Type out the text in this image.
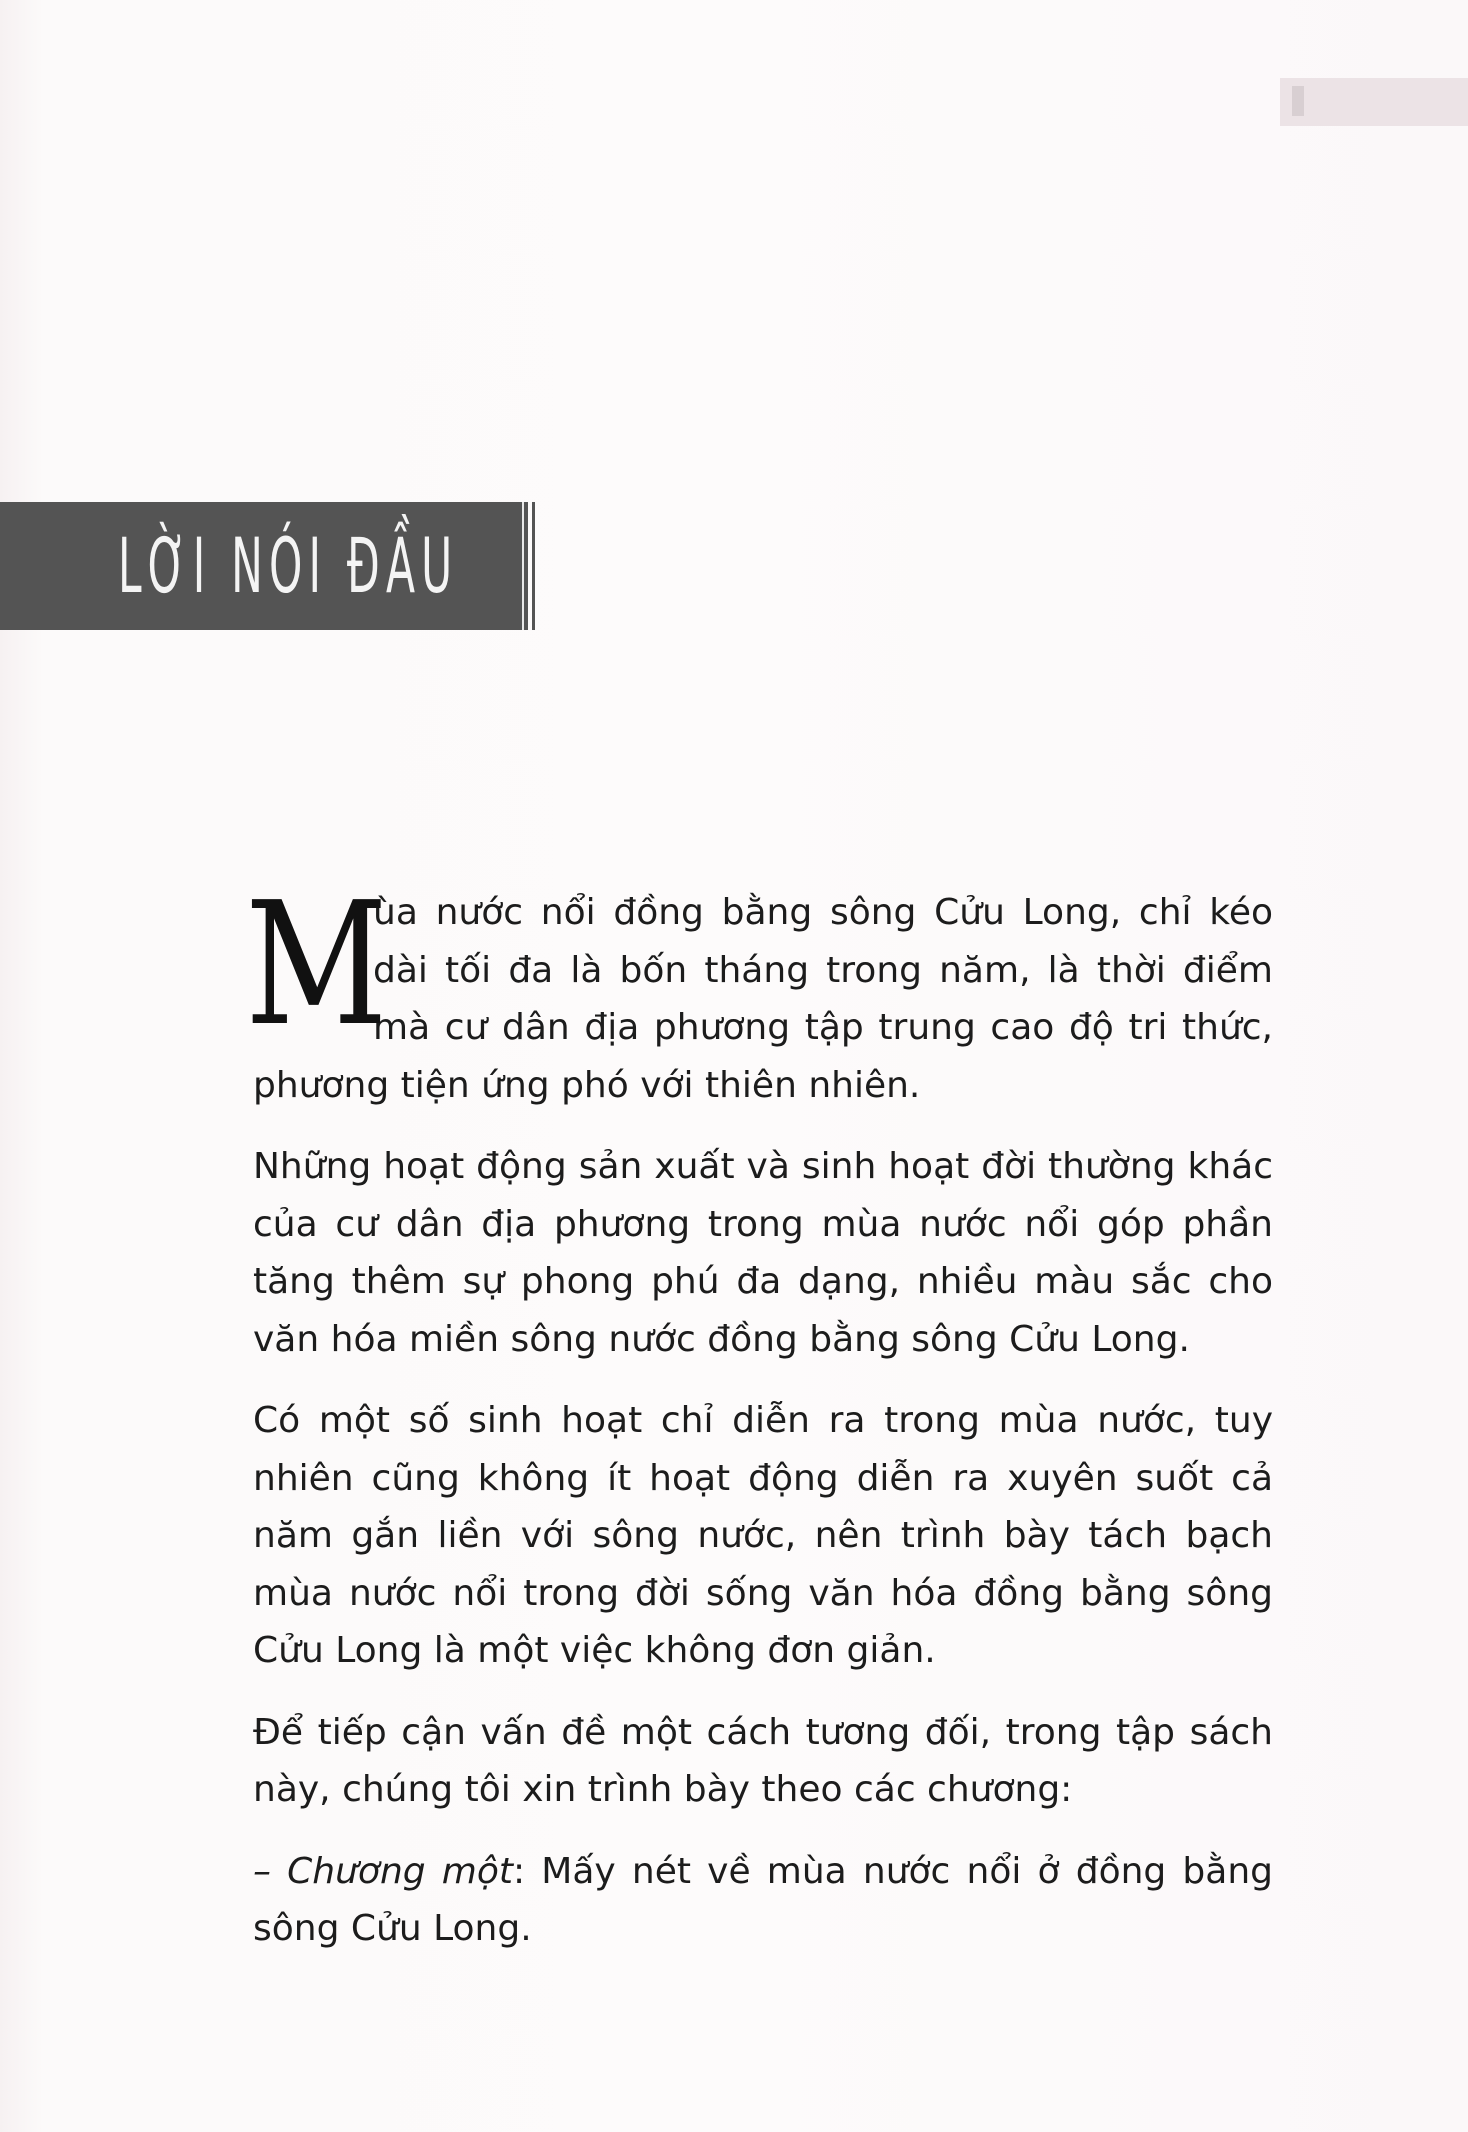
LỜI NÓI ĐẦU

M
ùa nước nổi đồng bằng sông Cửu Long, chỉ kéo dài tối đa là bốn tháng trong năm, là thời điểm mà cư dân địa phương tập trung cao độ tri thức, phương tiện ứng phó với thiên nhiên.

Những hoạt động sản xuất và sinh hoạt đời thường khác của cư dân địa phương trong mùa nước nổi góp phần tăng thêm sự phong phú đa dạng, nhiều màu sắc cho văn hóa miền sông nước đồng bằng sông Cửu Long.

Có một số sinh hoạt chỉ diễn ra trong mùa nước, tuy nhiên cũng không ít hoạt động diễn ra xuyên suốt cả năm gắn liền với sông nước, nên trình bày tách bạch mùa nước nổi trong đời sống văn hóa đồng bằng sông Cửu Long là một việc không đơn giản.

Để tiếp cận vấn đề một cách tương đối, trong tập sách này, chúng tôi xin trình bày theo các chương:

– Chương một: Mấy nét về mùa nước nổi ở đồng bằng sông Cửu Long.
